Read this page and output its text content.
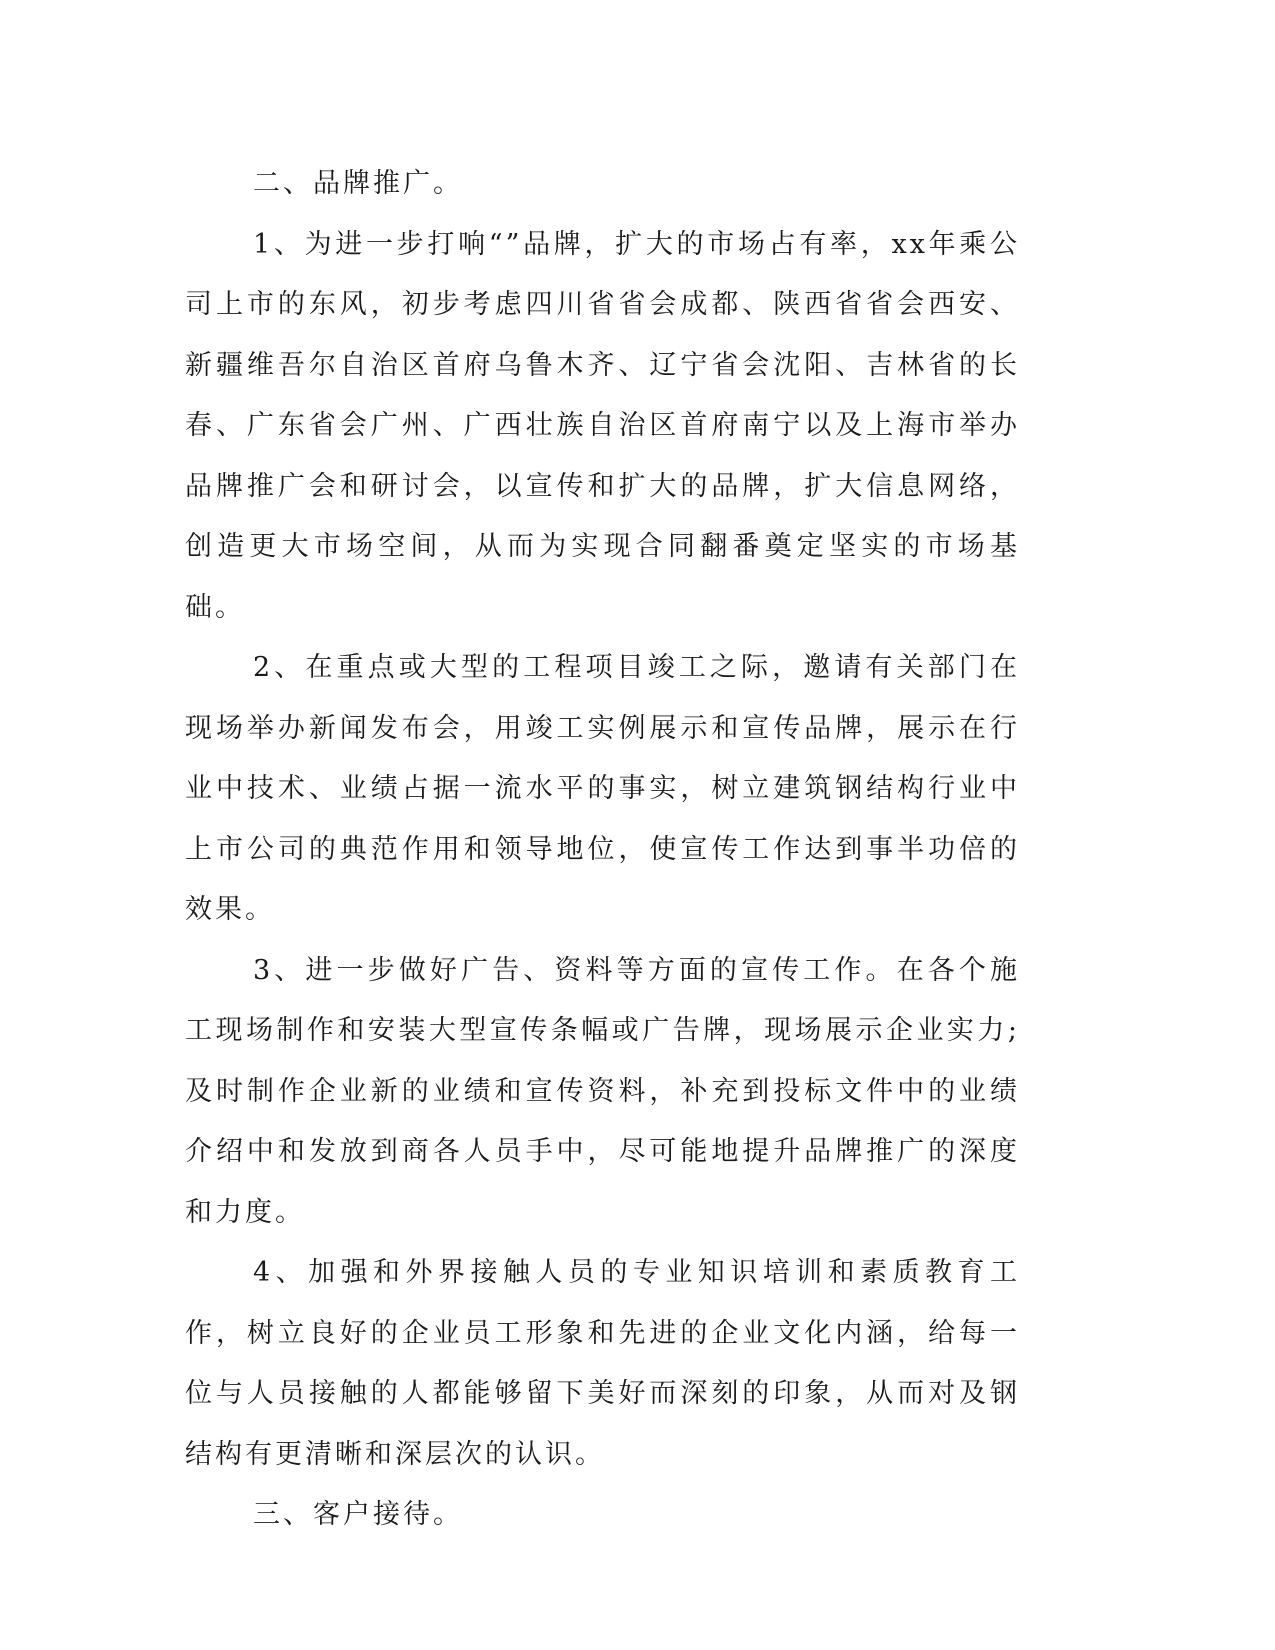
二、品牌推广。

1、为进一步打响“”品牌，扩大的市场占有率，xx年乘公司上市的东风，初步考虑四川省省会成都、陕西省省会西安、新疆维吾尔自治区首府乌鲁木齐、辽宁省会沈阳、吉林省的长春、广东省会广州、广西壮族自治区首府南宁以及上海市举办品牌推广会和研讨会，以宣传和扩大的品牌，扩大信息网络，创造更大市场空间，从而为实现合同翻番奠定坚实的市场基础。

2、在重点或大型的工程项目竣工之际，邀请有关部门在现场举办新闻发布会，用竣工实例展示和宣传品牌，展示在行业中技术、业绩占据一流水平的事实，树立建筑钢结构行业中上市公司的典范作用和领导地位，使宣传工作达到事半功倍的效果。

3、进一步做好广告、资料等方面的宣传工作。在各个施工现场制作和安装大型宣传条幅或广告牌，现场展示企业实力;及时制作企业新的业绩和宣传资料，补充到投标文件中的业绩介绍中和发放到商各人员手中，尽可能地提升品牌推广的深度和力度。

4、加强和外界接触人员的专业知识培训和素质教育工作，树立良好的企业员工形象和先进的企业文化内涵，给每一位与人员接触的人都能够留下美好而深刻的印象，从而对及钢结构有更清晰和深层次的认识。

三、客户接待。
